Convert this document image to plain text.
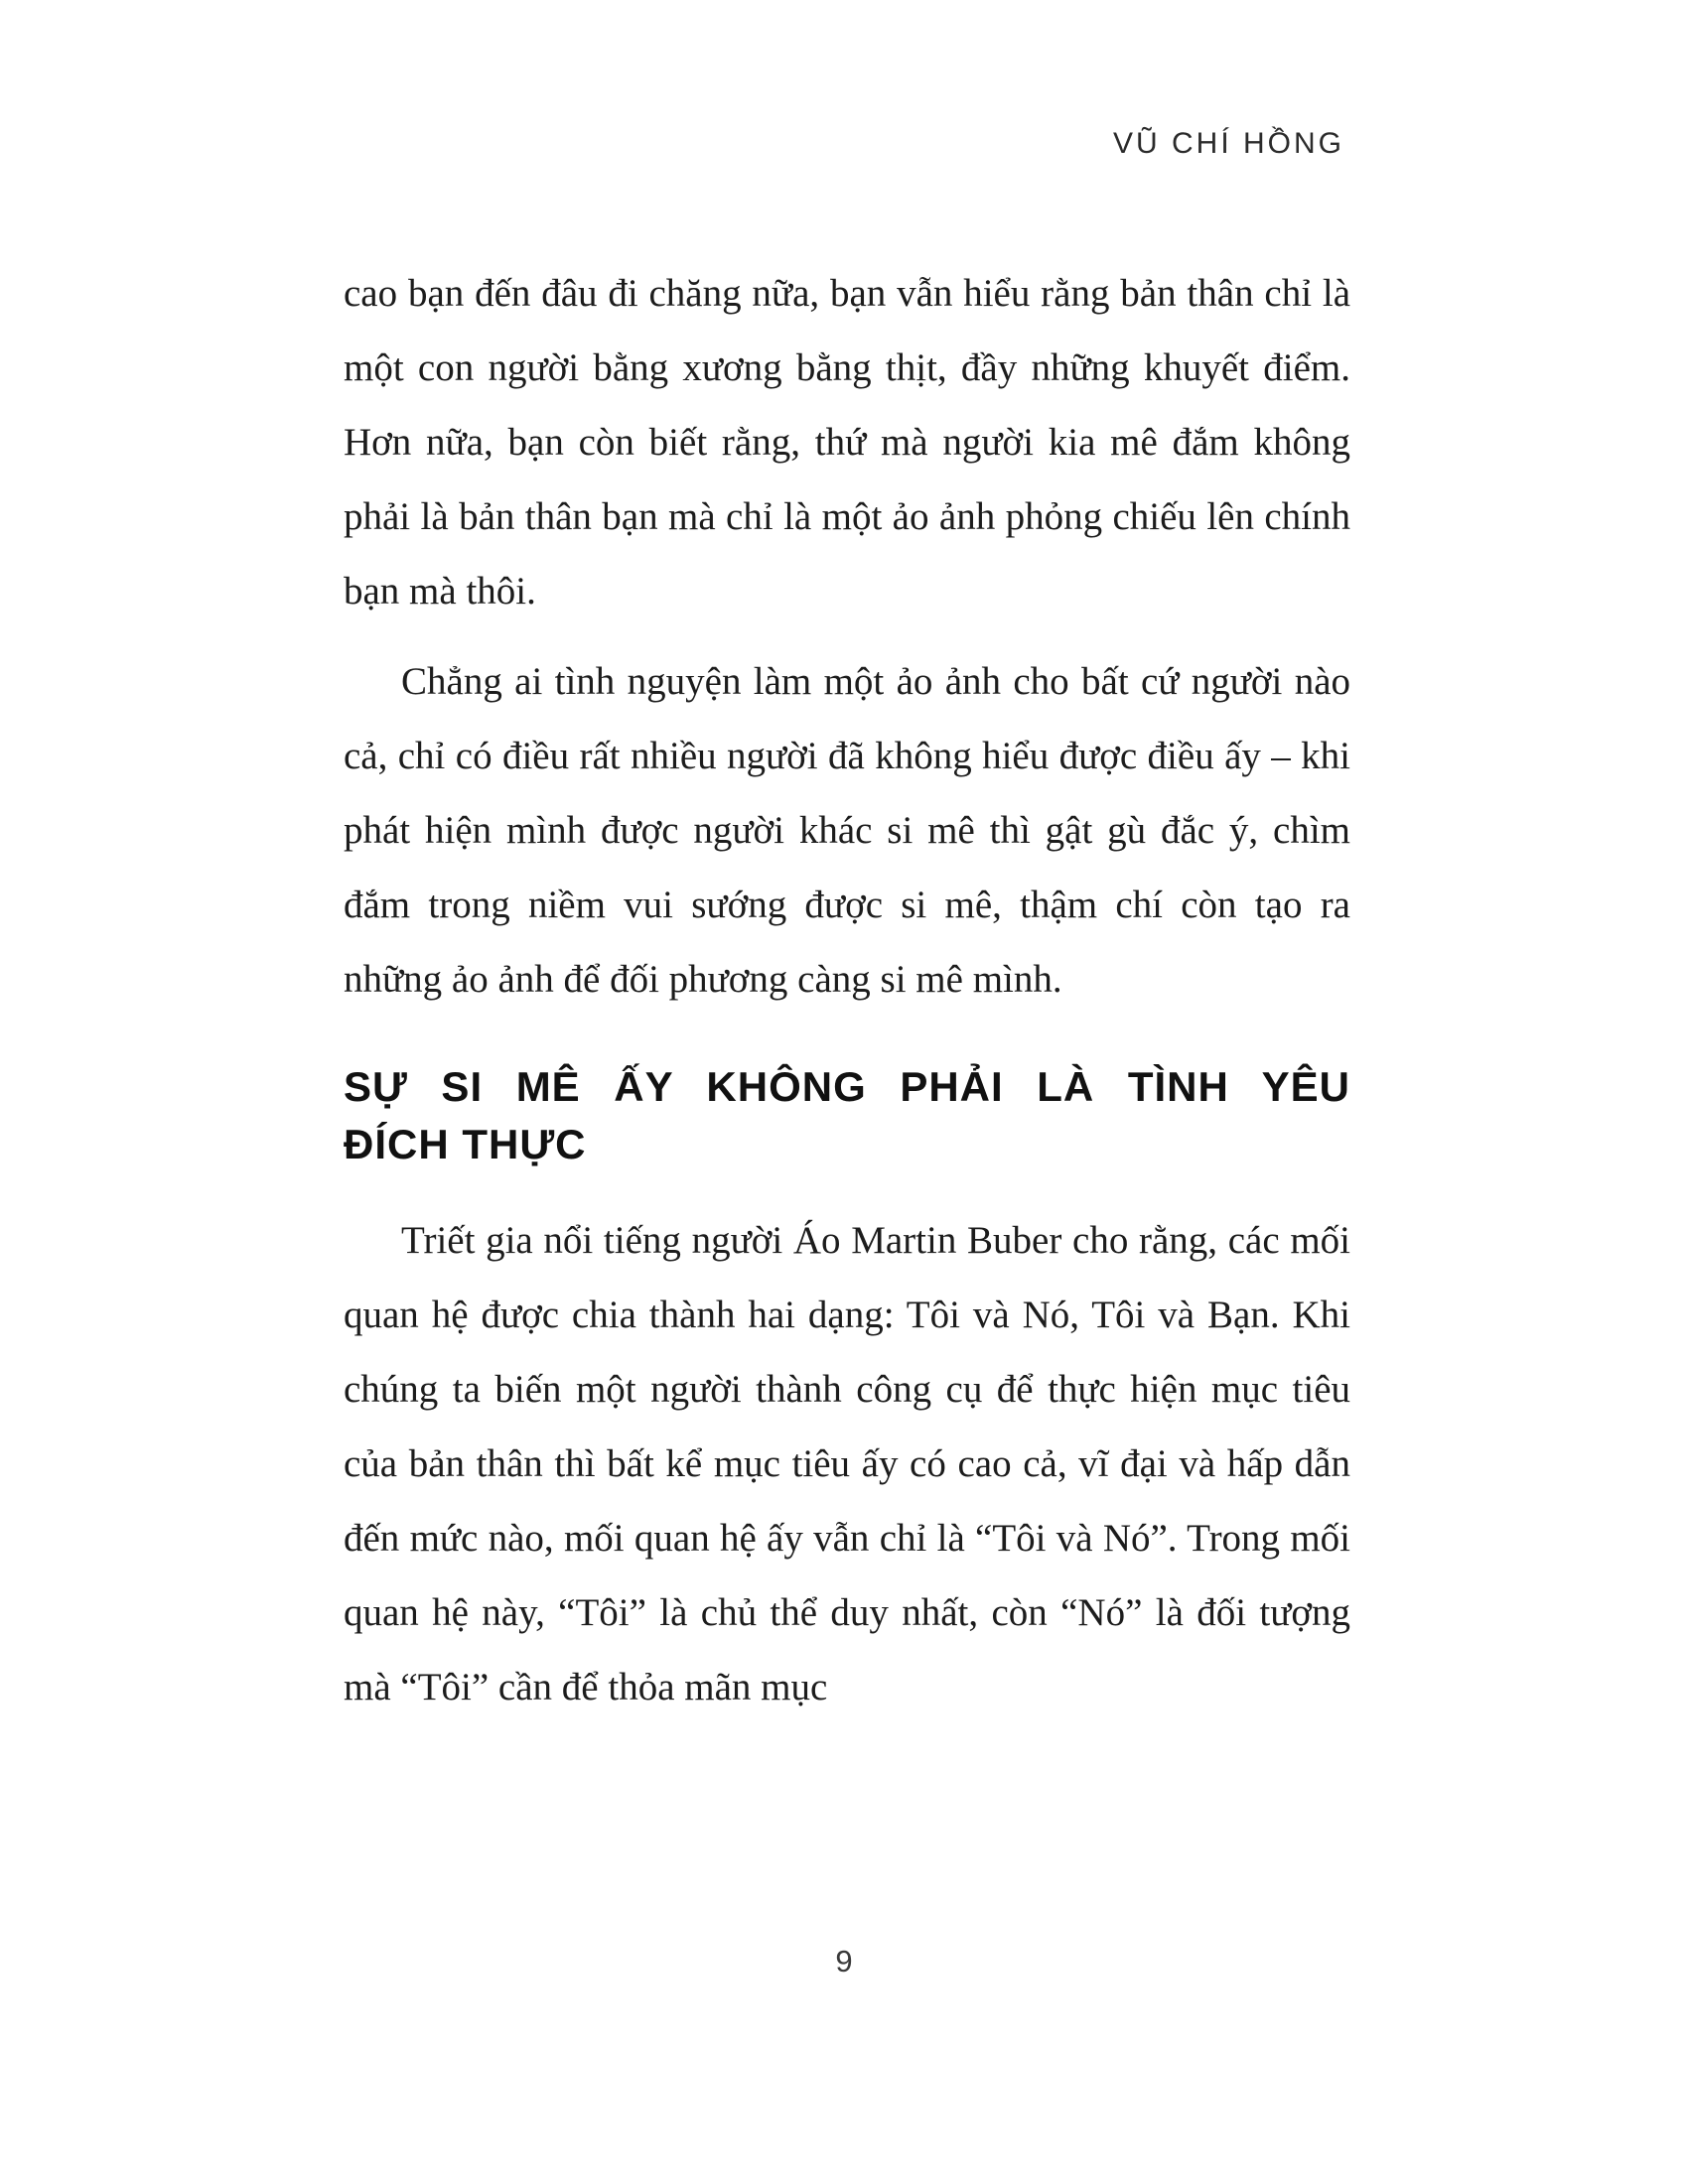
VŨ CHÍ HỒNG

cao bạn đến đâu đi chăng nữa, bạn vẫn hiểu rằng bản thân chỉ là một con người bằng xương bằng thịt, đầy những khuyết điểm. Hơn nữa, bạn còn biết rằng, thứ mà người kia mê đắm không phải là bản thân bạn mà chỉ là một ảo ảnh phỏng chiếu lên chính bạn mà thôi.

Chẳng ai tình nguyện làm một ảo ảnh cho bất cứ người nào cả, chỉ có điều rất nhiều người đã không hiểu được điều ấy – khi phát hiện mình được người khác si mê thì gật gù đắc ý, chìm đắm trong niềm vui sướng được si mê, thậm chí còn tạo ra những ảo ảnh để đối phương càng si mê mình.

SỰ SI MÊ ẤY KHÔNG PHẢI LÀ TÌNH YÊU
ĐÍCH THỰC

Triết gia nổi tiếng người Áo Martin Buber cho rằng, các mối quan hệ được chia thành hai dạng: Tôi và Nó, Tôi và Bạn. Khi chúng ta biến một người thành công cụ để thực hiện mục tiêu của bản thân thì bất kể mục tiêu ấy có cao cả, vĩ đại và hấp dẫn đến mức nào, mối quan hệ ấy vẫn chỉ là “Tôi và Nó”. Trong mối quan hệ này, “Tôi” là chủ thể duy nhất, còn “Nó” là đối tượng mà “Tôi” cần để thỏa mãn mục

9
